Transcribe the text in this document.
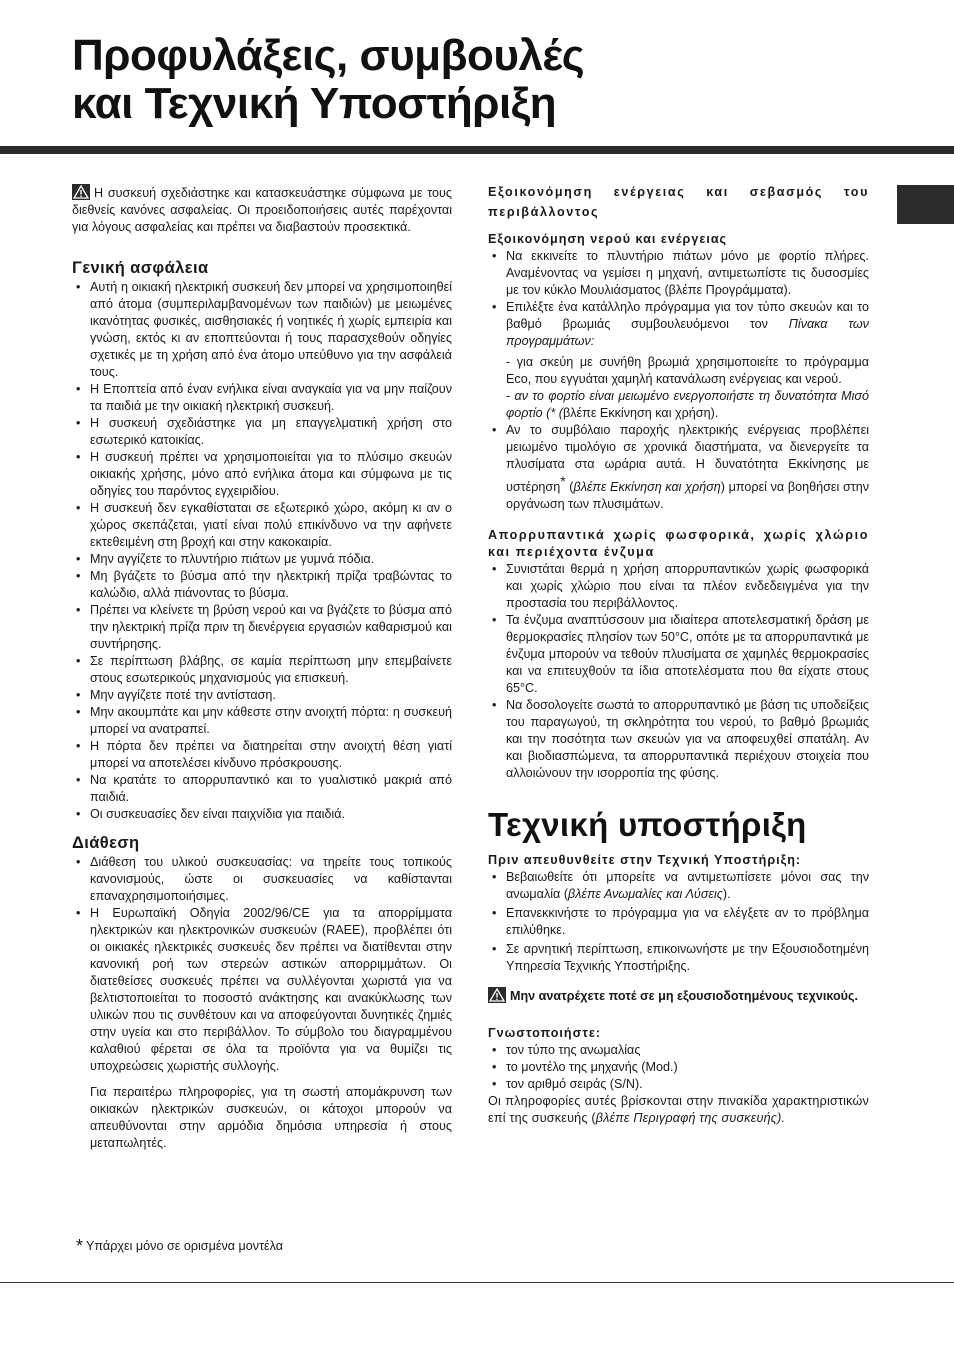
Προφυλάξεις, συμβουλές
και Τεχνική Υποστήριξη

Η συσκευή σχεδιάστηκε και κατασκευάστηκε σύμφωνα με τους διεθνείς κανόνες ασφαλείας. Οι προειδοποιήσεις αυτές παρέχονται για λόγους ασφαλείας και πρέπει να διαβαστούν προσεκτικά.

Γενική ασφάλεια
• Αυτή η οικιακή ηλεκτρική συσκευή δεν μπορεί να χρησιμοποιηθεί από άτομα (συμπεριλαμβανομένων των παιδιών) με μειωμένες ικανότητας φυσικές, αισθησιακές ή νοητικές ή χωρίς εμπειρία και γνώση, εκτός κι αν εποπτεύονται ή τους παρασχεθούν οδηγίες σχετικές με τη χρήση από ένα άτομο υπεύθυνο για την ασφάλειά τους.
• Η Εποπτεία από έναν ενήλικα είναι αναγκαία για να μην παίζουν τα παιδιά με την οικιακή ηλεκτρική συσκευή.
• Η συσκευή σχεδιάστηκε για μη επαγγελματική χρήση στο εσωτερικό κατοικίας.
• Η συσκευή πρέπει να χρησιμοποιείται για το πλύσιμο σκευών οικιακής χρήσης, μόνο από ενήλικα άτομα και σύμφωνα με τις οδηγίες του παρόντος εγχειριδίου.
• Η συσκευή δεν εγκαθίσταται σε εξωτερικό χώρο, ακόμη κι αν ο χώρος σκεπάζεται, γιατί είναι πολύ επικίνδυνο να την αφήνετε εκτεθειμένη στη βροχή και στην κακοκαιρία.
• Μην αγγίζετε το πλυντήριο πιάτων με γυμνά πόδια.
• Μη βγάζετε το βύσμα από την ηλεκτρική πρίζα τραβώντας το καλώδιο, αλλά πιάνοντας το βύσμα.
• Πρέπει να κλείνετε τη βρύση νερού και να βγάζετε το βύσμα από την ηλεκτρική πρίζα πριν τη διενέργεια εργασιών καθαρισμού και συντήρησης.
• Σε περίπτωση βλάβης, σε καμία περίπτωση μην επεμβαίνετε στους εσωτερικούς μηχανισμούς για επισκευή.
• Μην αγγίζετε ποτέ την αντίσταση.
• Μην ακουμπάτε και μην κάθεστε στην ανοιχτή πόρτα: η συσκευή μπορεί να ανατραπεί.
• Η πόρτα δεν πρέπει να διατηρείται στην ανοιχτή θέση γιατί μπορεί να αποτελέσει κίνδυνο πρόσκρουσης.
• Να κρατάτε το απορρυπαντικό και το γυαλιστικό μακριά από παιδιά.
• Οι συσκευασίες δεν είναι παιχνίδια για παιδιά.
Διάθεση
• Διάθεση του υλικού συσκευασίας: να τηρείτε τους τοπικούς κανονισμούς, ώστε οι συσκευασίες να καθίστανται επαναχρησιμοποιήσιμες.
• Η Ευρωπαϊκή Οδηγία 2002/96/CE για τα απορρίμματα ηλεκτρικών και ηλεκτρονικών συσκευών (RAEE), προβλέπει ότι οι οικιακές ηλεκτρικές συσκευές δεν πρέπει να διατίθενται στην κανονική ροή των στερεών αστικών απορριμμάτων. Οι διατεθείσες συσκευές πρέπει να συλλέγονται χωριστά για να βελτιστοποιείται το ποσοστό ανάκτησης και ανακύκλωσης των υλικών που τις συνθέτουν και να αποφεύγονται δυνητικές ζημιές στην υγεία και στο περιβάλλον. Το σύμβολο του διαγραμμένου καλαθιού φέρεται σε όλα τα προϊόντα για να θυμίζει τις υποχρεώσεις χωριστής συλλογής.

Για περαιτέρω πληροφορίες, για τη σωστή απομάκρυνση των οικιακών ηλεκτρικών συσκευών, οι κάτοχοι μπορούν να απευθύνονται στην αρμόδια δημόσια υπηρεσία ή στους μεταπωλητές.

Εξοικονόμηση ενέργειας και σεβασμός του περιβάλλοντος

Εξοικονόμηση νερού και ενέργειας

• Να εκκινείτε το πλυντήριο πιάτων μόνο με φορτίο πλήρες. Αναμένοντας να γεμίσει η μηχανή, αντιμετωπίστε τις δυσοσμίες με τον κύκλο Μουλιάσματος (βλέπε Προγράμματα).
• Επιλέξτε ένα κατάλληλο πρόγραμμα για τον τύπο σκευών και το βαθμό βρωμιάς συμβουλευόμενοι τον Πίνακα των προγραμμάτων:
- για σκεύη με συνήθη βρωμιά χρησιμοποιείτε το πρόγραμμα Eco, που εγγυάται χαμηλή κατανάλωση ενέργειας και νερού.
- αν το φορτίο είναι μειωμένο ενεργοποιήστε τη δυνατότητα Μισό φορτίο (* (βλέπε Εκκίνηση και χρήση).
• Αν το συμβόλαιο παροχής ηλεκτρικής ενέργειας προβλέπει μειωμένο τιμολόγιο σε χρονικά διαστήματα, να διενεργείτε τα πλυσίματα στα ωράρια αυτά. Η δυνατότητα Εκκίνησης με υστέρηση* (βλέπε Εκκίνηση και χρήση) μπορεί να βοηθήσει στην οργάνωση των πλυσιμάτων.

Απορρυπαντικά χωρίς φωσφορικά, χωρίς χλώριο και περιέχοντα ένζυμα

• Συνιστάται θερμά η χρήση απορρυπαντικών χωρίς φωσφορικά και χωρίς χλώριο που είναι τα πλέον ενδεδειγμένα για την προστασία του περιβάλλοντος.
• Τα ένζυμα αναπτύσσουν μια ιδιαίτερα αποτελεσματική δράση με θερμοκρασίες πλησίον των 50°C, οπότε με τα απορρυπαντικά με ένζυμα μπορούν να τεθούν πλυσίματα σε χαμηλές θερμοκρασίες και να επιτευχθούν τα ίδια αποτελέσματα που θα είχατε στους 65°C.
• Να δοσολογείτε σωστά το απορρυπαντικό με βάση τις υποδείξεις του παραγωγού, τη σκληρότητα του νερού, το βαθμό βρωμιάς και την ποσότητα των σκευών για να αποφευχθεί σπατάλη. Αν και βιοδιασπώμενα, τα απορρυπαντικά περιέχουν στοιχεία που αλλοιώνουν την ισορροπία της φύσης.
Τεχνική υποστήριξη

Πριν απευθυνθείτε στην Τεχνική Υποστήριξη:

• Βεβαιωθείτε ότι μπορείτε να αντιμετωπίσετε μόνοι σας την ανωμαλία (βλέπε Ανωμαλίες και Λύσεις).
• Επανεκκινήστε το πρόγραμμα για να ελέγξετε αν το πρόβλημα επιλύθηκε.
• Σε αρνητική περίπτωση, επικοινωνήστε με την Εξουσιοδοτημένη Υπηρεσία Τεχνικής Υποστήριξης.

Μην ανατρέχετε ποτέ σε μη εξουσιοδοτημένους τεχνικούς.

Γνωστοποιήστε:

• τον τύπο της ανωμαλίας
• το μοντέλο της μηχανής (Mod.)
• τον αριθμό σειράς (S/N).

Οι πληροφορίες αυτές βρίσκονται στην πινακίδα χαρακτηριστικών επί της συσκευής (βλέπε Περιγραφή της συσκευής).

* Υπάρχει μόνο σε ορισμένα μοντέλα
